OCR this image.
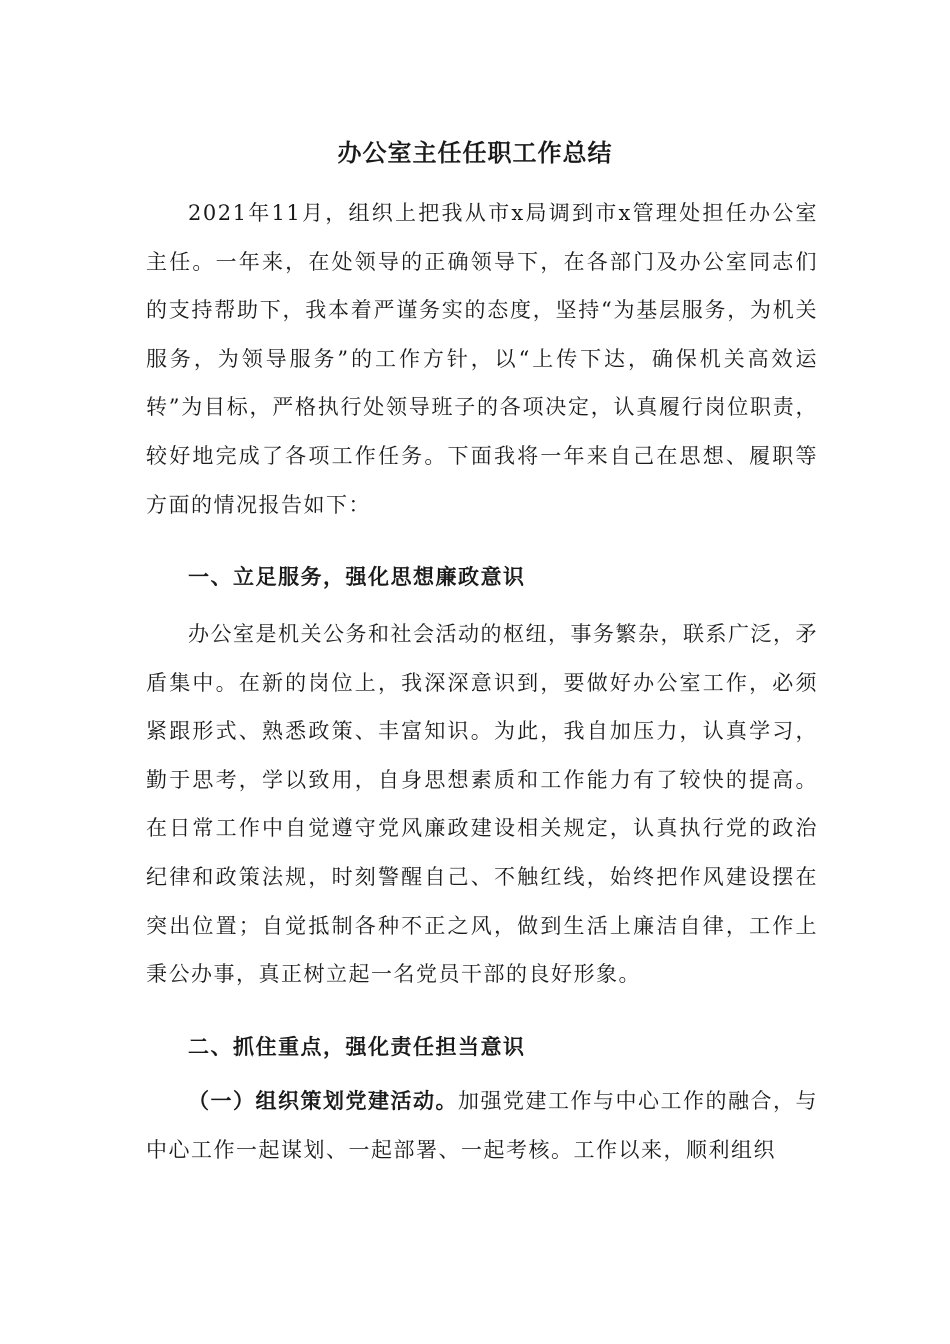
办公室主任任职工作总结

2021年11月，组织上把我从市x局调到市x管理处担任办公室主任。一年来，在处领导的正确领导下，在各部门及办公室同志们的支持帮助下，我本着严谨务实的态度，坚持“为基层服务，为机关服务，为领导服务”的工作方针，以“上传下达，确保机关高效运转”为目标，严格执行处领导班子的各项决定，认真履行岗位职责，较好地完成了各项工作任务。下面我将一年来自己在思想、履职等方面的情况报告如下：

一、立足服务，强化思想廉政意识

办公室是机关公务和社会活动的枢纽，事务繁杂，联系广泛，矛盾集中。在新的岗位上，我深深意识到，要做好办公室工作，必须紧跟形式、熟悉政策、丰富知识。为此，我自加压力，认真学习，勤于思考，学以致用，自身思想素质和工作能力有了较快的提高。在日常工作中自觉遵守党风廉政建设相关规定，认真执行党的政治纪律和政策法规，时刻警醒自己、不触红线，始终把作风建设摆在突出位置；自觉抵制各种不正之风，做到生活上廉洁自律，工作上秉公办事，真正树立起一名党员干部的良好形象。

二、抓住重点，强化责任担当意识

（一）组织策划党建活动。加强党建工作与中心工作的融合，与中心工作一起谋划、一起部署、一起考核。工作以来，顺利组织
